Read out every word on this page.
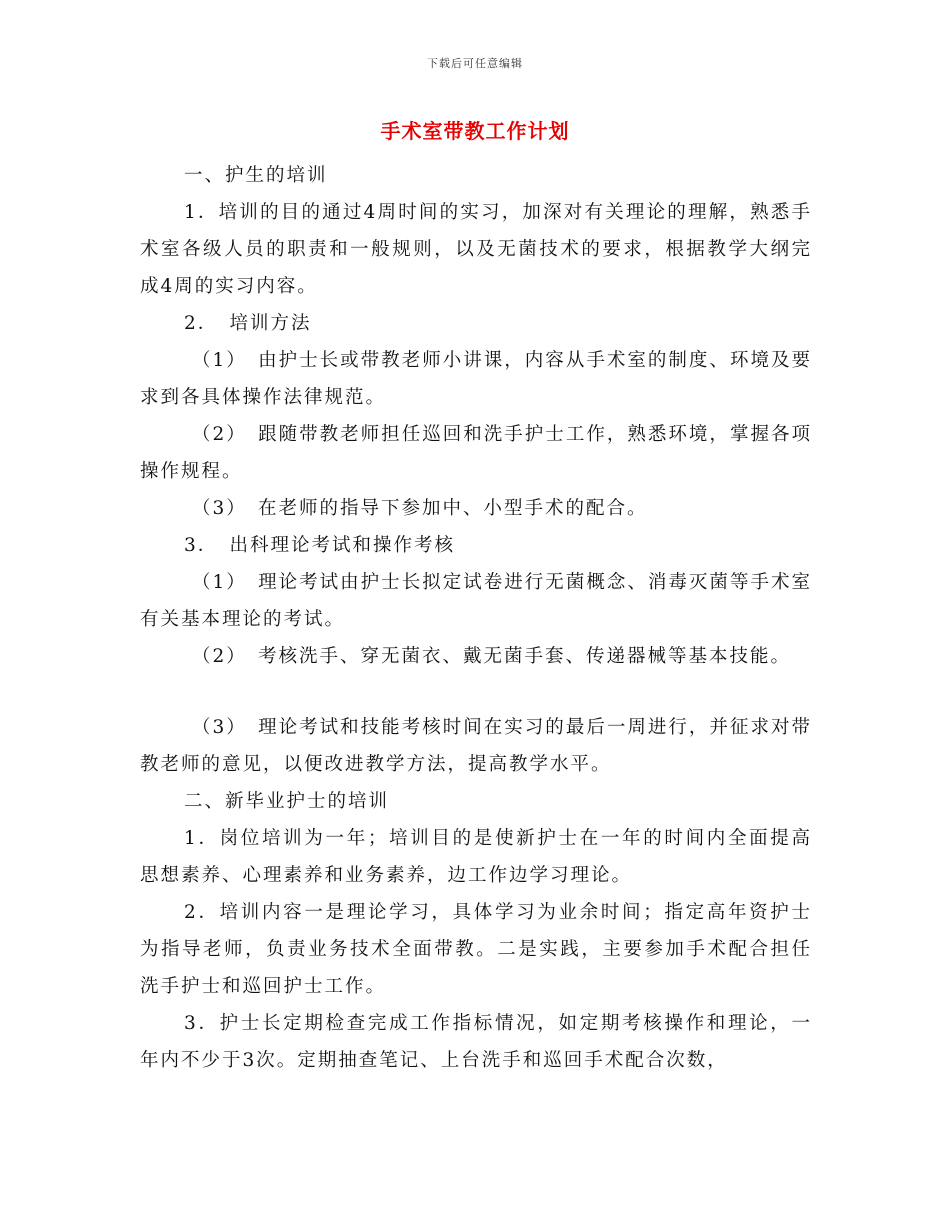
下载后可任意编辑
手术室带教工作计划

一、护生的培训

1．培训的目的通过4周时间的实习，加深对有关理论的理解，熟悉手术室各级人员的职责和一般规则，以及无菌技术的要求，根据教学大纲完成4周的实习内容。

2．　培训方法

（1）　由护士长或带教老师小讲课，内容从手术室的制度、环境及要求到各具体操作法律规范。

（2）　跟随带教老师担任巡回和洗手护士工作，熟悉环境，掌握各项操作规程。

（3）　在老师的指导下参加中、小型手术的配合。

3．　出科理论考试和操作考核

（1）　理论考试由护士长拟定试卷进行无菌概念、消毒灭菌等手术室有关基本理论的考试。

（2）　考核洗手、穿无菌衣、戴无菌手套、传递器械等基本技能。

（3）　理论考试和技能考核时间在实习的最后一周进行，并征求对带教老师的意见，以便改进教学方法，提高教学水平。

二、新毕业护士的培训

1．岗位培训为一年；培训目的是使新护士在一年的时间内全面提高思想素养、心理素养和业务素养，边工作边学习理论。

2．培训内容一是理论学习，具体学习为业余时间；指定高年资护士为指导老师，负责业务技术全面带教。二是实践，主要参加手术配合担任洗手护士和巡回护士工作。

3．护士长定期检查完成工作指标情况，如定期考核操作和理论，一年内不少于3次。定期抽查笔记、上台洗手和巡回手术配合次数，
